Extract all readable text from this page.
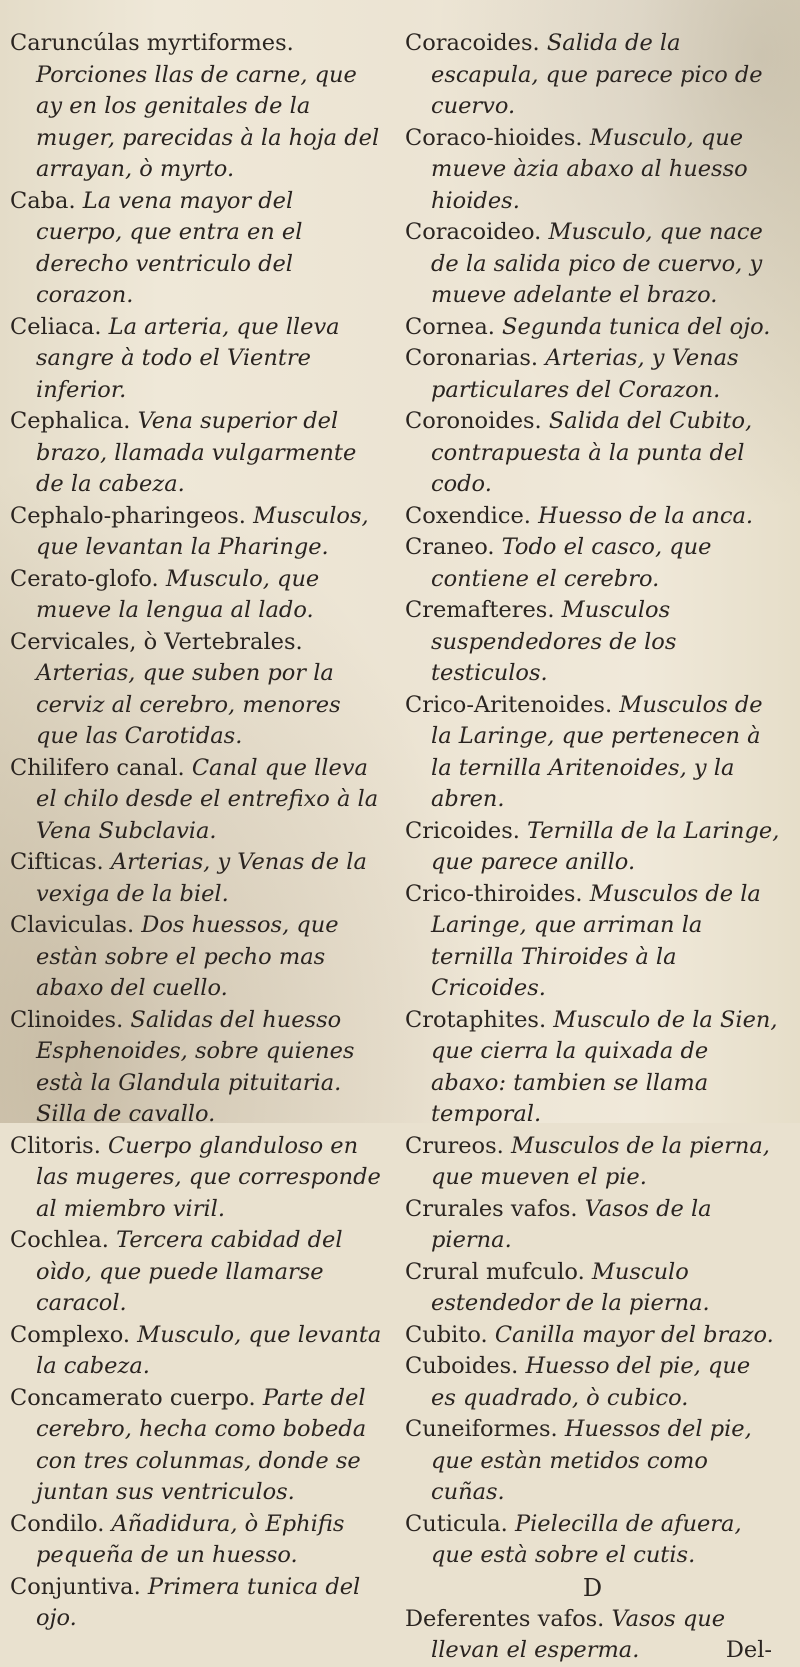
Caruncúlas myrtiformes. Porciones llas de carne, que ay en los genitales de la muger, parecidas à la hoja del arrayan, ò myrto.

Caba. La vena mayor del cuerpo, que entra en el derecho ventriculo del corazon.

Celiaca. La arteria, que lleva sangre à todo el Vientre inferior.

Cephalica. Vena superior del brazo, llamada vulgarmente de la cabeza.

Cephalo-pharingeos. Musculos, que levantan la Pharinge.

Cerato-glofo. Musculo, que mueve la lengua al lado.

Cervicales, ò Vertebrales. Arterias, que suben por la cerviz al cerebro, menores que las Carotidas.

Chilifero canal. Canal que lleva el chilo desde el entrefixo à la Vena Subclavia.

Cifticas. Arterias, y Venas de la vexiga de la biel.

Claviculas. Dos huessos, que estàn sobre el pecho mas abaxo del cuello.

Clinoides. Salidas del huesso Esphenoides, sobre quienes està la Glandula pituitaria. Silla de cavallo.

Clitoris. Cuerpo glanduloso en las mugeres, que corresponde al miembro viril.

Cochlea. Tercera cabidad del oìdo, que puede llamarse caracol.

Complexo. Musculo, que levanta la cabeza.

Concamerato cuerpo. Parte del cerebro, hecha como bobeda con tres colunmas, donde se juntan sus ventriculos.

Condilo. Añadidura, ò Ephifis pequeña de un huesso.

Conjuntiva. Primera tunica del ojo.

Coracoides. Salida de la escapula, que parece pico de cuervo.

Coraco-hioides. Musculo, que mueve àzia abaxo al huesso hioides.

Coracoideo. Musculo, que nace de la salida pico de cuervo, y mueve adelante el brazo.

Cornea. Segunda tunica del ojo.

Coronarias. Arterias, y Venas particulares del Corazon.

Coronoides. Salida del Cubito, contrapuesta à la punta del codo.

Coxendice. Huesso de la anca.

Craneo. Todo el casco, que contiene el cerebro.

Cremafteres. Musculos suspendedores de los testiculos.

Crico-Aritenoides. Musculos de la Laringe, que pertenecen à la ternilla Aritenoides, y la abren.

Cricoides. Ternilla de la Laringe, que parece anillo.

Crico-thiroides. Musculos de la Laringe, que arriman la ternilla Thiroides à la Cricoides.

Crotaphites. Musculo de la Sien, que cierra la quixada de abaxo: tambien se llama temporal.

Crureos. Musculos de la pierna, que mueven el pie.

Crurales vafos. Vasos de la pierna.

Crural mufculo. Musculo estendedor de la pierna.

Cubito. Canilla mayor del brazo.

Cuboides. Huesso del pie, que es quadrado, ò cubico.

Cuneiformes. Huessos del pie, que estàn metidos como cuñas.

Cuticula. Pielecilla de afuera, que està sobre el cutis.

D

Deferentes vafos. Vasos que llevan el esperma.	Del-
